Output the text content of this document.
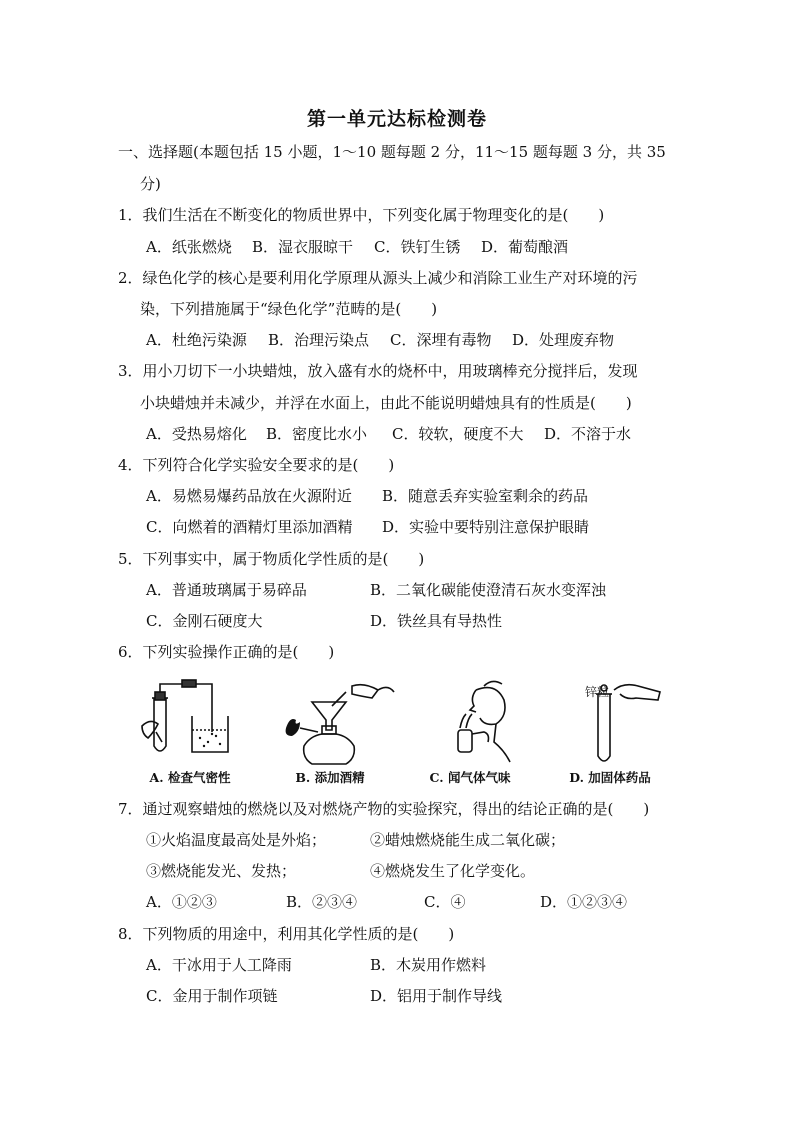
第一单元达标检测卷
一、选择题(本题包括 15 小题，1～10 题每题 2 分，11～15 题每题 3 分，共 35
分)
1．我们生活在不断变化的物质世界中，下列变化属于物理变化的是(　　)
A．纸张燃烧 B．湿衣服晾干 C．铁钉生锈 D．葡萄酿酒
2．绿色化学的核心是要利用化学原理从源头上减少和消除工业生产对环境的污
染，下列措施属于“绿色化学”范畴的是(　　)
A．杜绝污染源 B．治理污染点 C．深埋有毒物 D．处理废弃物
3．用小刀切下一小块蜡烛，放入盛有水的烧杯中，用玻璃棒充分搅拌后，发现
小块蜡烛并未减少，并浮在水面上，由此不能说明蜡烛具有的性质是(　　)
A．受热易熔化 B．密度比水小 C．较软，硬度不大 D．不溶于水
4．下列符合化学实验安全要求的是(　　)
A．易燃易爆药品放在火源附近 B．随意丢弃实验室剩余的药品
C．向燃着的酒精灯里添加酒精 D．实验中要特别注意保护眼睛
5．下列事实中，属于物质化学性质的是(　　)
A．普通玻璃属于易碎品	B．二氧化碳能使澄清石灰水变浑浊
C．金刚石硬度大	D．铁丝具有导热性
6．下列实验操作正确的是(　　)
A. 检查气密性	B. 添加酒精	C. 闻气体气味	D. 加固体药品
锌粒
7．通过观察蜡烛的燃烧以及对燃烧产物的实验探究，得出的结论正确的是(　　)
①火焰温度最高处是外焰；	②蜡烛燃烧能生成二氧化碳；
③燃烧能发光、发热；	④燃烧发生了化学变化。
A．①②③	B．②③④	C．④	D．①②③④
8．下列物质的用途中，利用其化学性质的是(　　)
A．干冰用于人工降雨	B．木炭用作燃料
C．金用于制作项链	D．铝用于制作导线
